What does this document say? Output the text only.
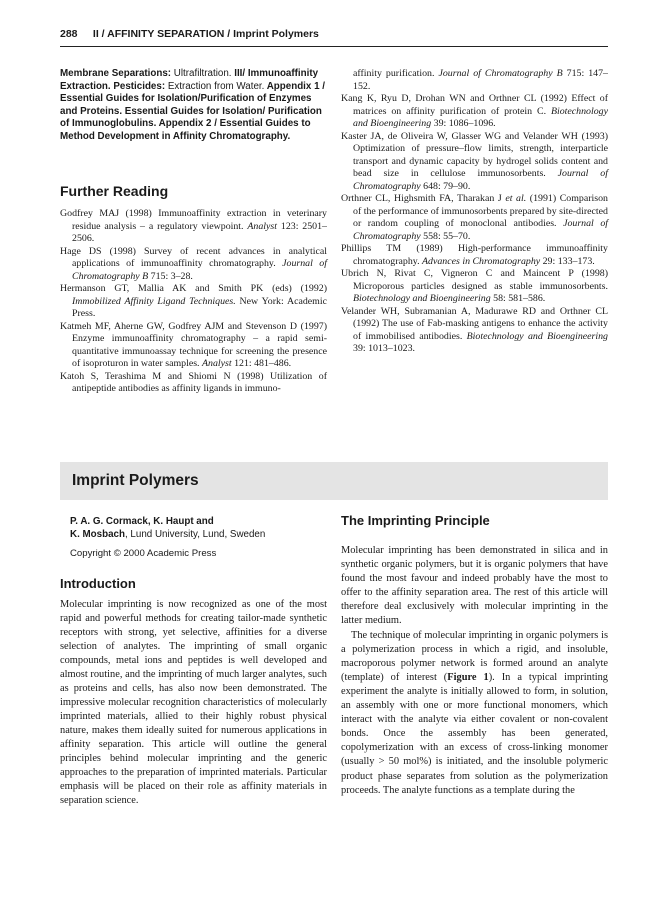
288 II / AFFINITY SEPARATION / Imprint Polymers
Membrane Separations: Ultrafiltration. III/ Immunoaffinity Extraction. Pesticides: Extraction from Water. Appendix 1 / Essential Guides for Isolation/Purification of Enzymes and Proteins. Essential Guides for Isolation/ Purification of Immunoglobulins. Appendix 2 / Essential Guides to Method Development in Affinity Chromatography.
Further Reading
Godfrey MAJ (1998) Immunoaffinity extraction in veterinary residue analysis – a regulatory viewpoint. Analyst 123: 2501–2506.
Hage DS (1998) Survey of recent advances in analytical applications of immunoaffinity chromatography. Journal of Chromatography B 715: 3–28.
Hermanson GT, Mallia AK and Smith PK (eds) (1992) Immobilized Affinity Ligand Techniques. New York: Academic Press.
Katmeh MF, Aherne GW, Godfrey AJM and Stevenson D (1997) Enzyme immunoaffinity chromatography – a rapid semi-quantitative immunoassay technique for screening the presence of isoproturon in water samples. Analyst 121: 481–486.
Katoh S, Terashima M and Shiomi N (1998) Utilization of antipeptide antibodies as affinity ligands in immuno-
affinity purification. Journal of Chromatography B 715: 147–152.
Kang K, Ryu D, Drohan WN and Orthner CL (1992) Effect of matrices on affinity purification of protein C. Biotechnology and Bioengineering 39: 1086–1096.
Kaster JA, de Oliveira W, Glasser WG and Velander WH (1993) Optimization of pressure–flow limits, strength, interparticle transport and dynamic capacity by hydrogel solids content and bead size in cellulose immunosorbents. Journal of Chromatography 648: 79–90.
Orthner CL, Highsmith FA, Tharakan J et al. (1991) Comparison of the performance of immunosorbents prepared by site-directed or random coupling of monoclonal antibodies. Journal of Chromatography 558: 55–70.
Phillips TM (1989) High-performance immunoaffinity chromatography. Advances in Chromatography 29: 133–173.
Ubrich N, Rivat C, Vigneron C and Maincent P (1998) Microporous particles designed as stable immunosorbents. Biotechnology and Bioengineering 58: 581–586.
Velander WH, Subramanian A, Madurawe RD and Orthner CL (1992) The use of Fab-masking antigens to enhance the activity of immobilised antibodies. Biotechnology and Bioengineering 39: 1013–1023.
Imprint Polymers
P. A. G. Cormack, K. Haupt and
K. Mosbach, Lund University, Lund, Sweden
Copyright © 2000 Academic Press
Introduction
Molecular imprinting is now recognized as one of the most rapid and powerful methods for creating tailor-made synthetic receptors with strong, yet selective, affinities for a diverse selection of analytes. The imprinting of small organic compounds, metal ions and peptides is well developed and almost routine, and the imprinting of much larger analytes, such as proteins and cells, has also now been demonstrated. The impressive molecular recognition characteristics of molecularly imprinted materials, allied to their highly robust physical nature, makes them ideally suited for numerous applications in affinity separation. This article will outline the general principles behind molecular imprinting and the generic approaches to the preparation of imprinted materials. Particular emphasis will be placed on their role as affinity materials in separation science.
The Imprinting Principle

Molecular imprinting has been demonstrated in silica and in synthetic organic polymers, but it is organic polymers that have found the most favour and indeed probably have the most to offer to the affinity separation area. The rest of this article will therefore deal exclusively with molecular imprinting in the latter medium.

The technique of molecular imprinting in organic polymers is a polymerization process in which a rigid, and insoluble, macroporous polymer network is formed around an analyte (template) of interest (Figure 1). In a typical imprinting experiment the analyte is initially allowed to form, in solution, an assembly with one or more functional monomers, which interact with the analyte via either covalent or non-covalent bonds. Once the assembly has been generated, copolymerization with an excess of cross-linking monomer (usually > 50 mol%) is initiated, and the insoluble polymeric product phase separates from solution as the polymerization proceeds. The analyte functions as a template during the
